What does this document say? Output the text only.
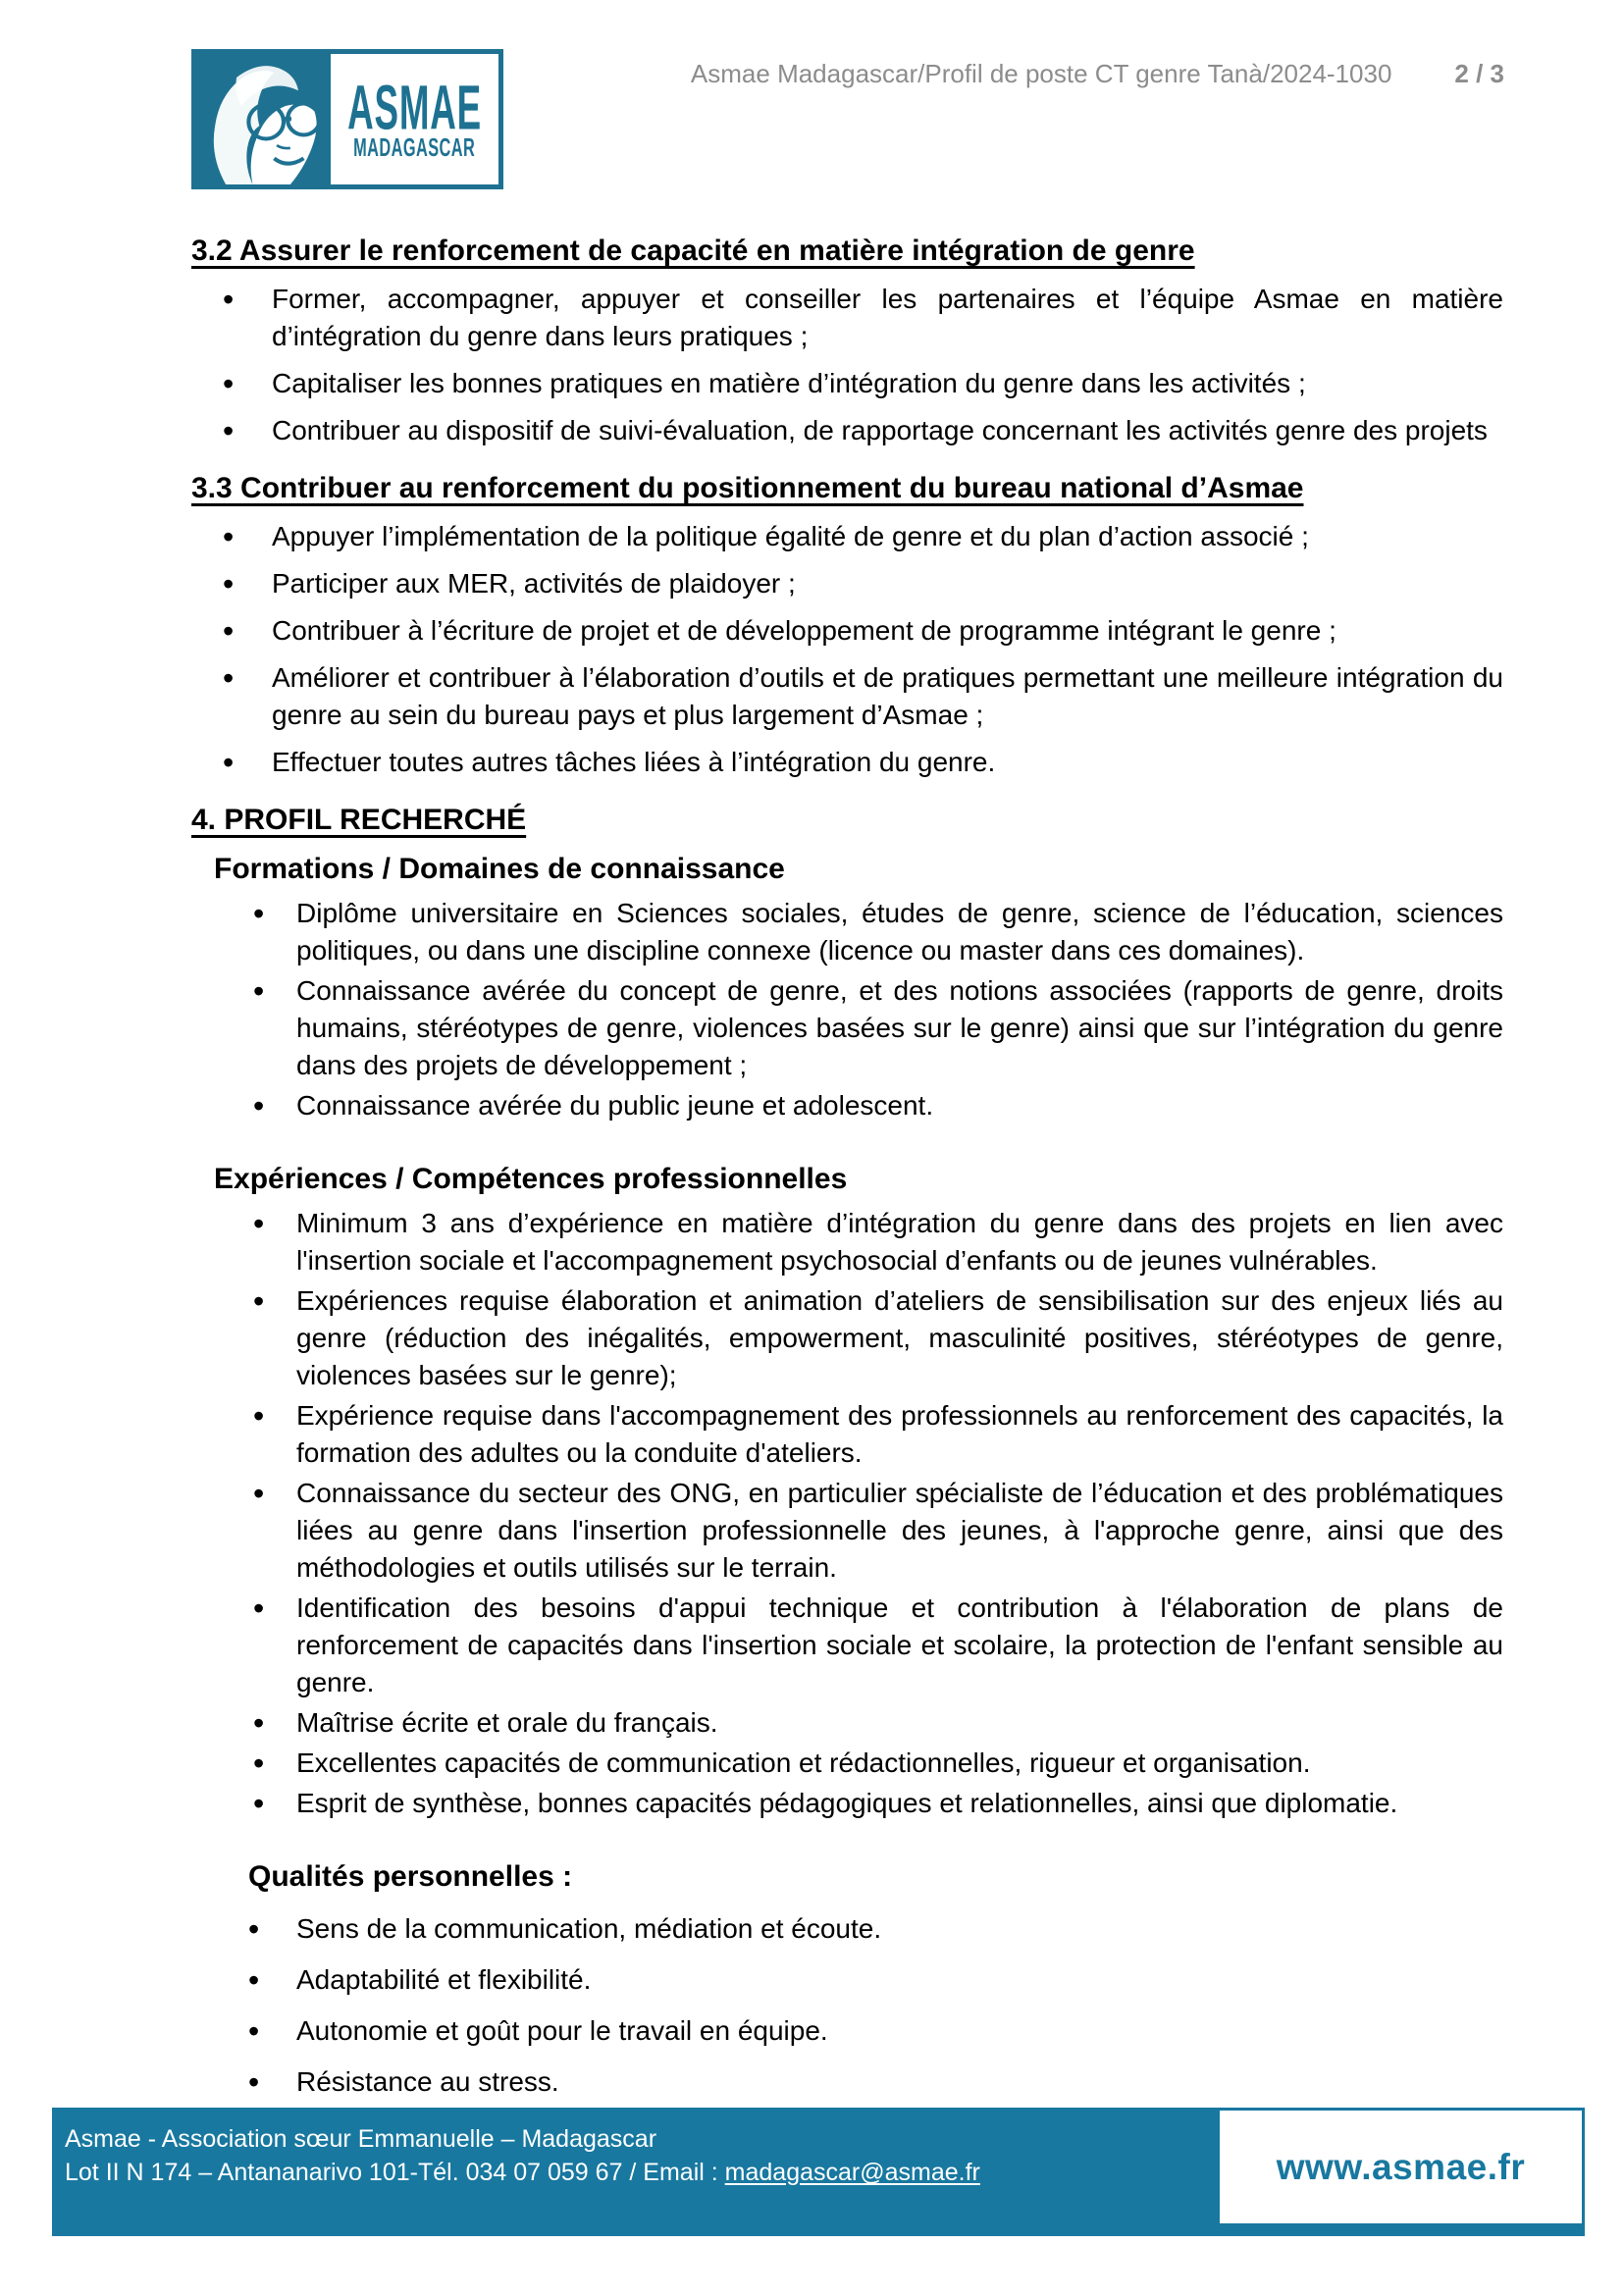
ASMAE
MADAGASCAR
Asmae Madagascar/Profil de poste CT genre Tanà/2024-1030 2 / 3
3.2 Assurer le renforcement de capacité en matière intégration de genre
• Former, accompagner, appuyer et conseiller les partenaires et l’équipe Asmae en matière d’intégration du genre dans leurs pratiques ;
• Capitaliser les bonnes pratiques en matière d’intégration du genre dans les activités ;
• Contribuer au dispositif de suivi-évaluation, de rapportage concernant les activités genre des projets
3.3 Contribuer au renforcement du positionnement du bureau national d’Asmae
• Appuyer l’implémentation de la politique égalité de genre et du plan d’action associé ;
• Participer aux MER, activités de plaidoyer ;
• Contribuer à l’écriture de projet et de développement de programme intégrant le genre ;
• Améliorer et contribuer à l’élaboration d’outils et de pratiques permettant une meilleure intégration du genre au sein du bureau pays et plus largement d’Asmae ;
• Effectuer toutes autres tâches liées à l’intégration du genre.
4. PROFIL RECHERCHÉ
Formations / Domaines de connaissance
• Diplôme universitaire en Sciences sociales, études de genre, science de l’éducation, sciences politiques, ou dans une discipline connexe (licence ou master dans ces domaines).
• Connaissance avérée du concept de genre, et des notions associées (rapports de genre, droits humains, stéréotypes de genre, violences basées sur le genre) ainsi que sur l’intégration du genre dans des projets de développement ;
• Connaissance avérée du public jeune et adolescent.
Expériences / Compétences professionnelles
• Minimum 3 ans d’expérience en matière d’intégration du genre dans des projets en lien avec l'insertion sociale et l'accompagnement psychosocial d’enfants ou de jeunes vulnérables.
• Expériences requise élaboration et animation d’ateliers de sensibilisation sur des enjeux liés au genre (réduction des inégalités, empowerment, masculinité positives, stéréotypes de genre, violences basées sur le genre);
• Expérience requise dans l'accompagnement des professionnels au renforcement des capacités, la formation des adultes ou la conduite d'ateliers.
• Connaissance du secteur des ONG, en particulier spécialiste de l’éducation et des problématiques liées au genre dans l'insertion professionnelle des jeunes, à l'approche genre, ainsi que des méthodologies et outils utilisés sur le terrain.
• Identification des besoins d'appui technique et contribution à l'élaboration de plans de renforcement de capacités dans l'insertion sociale et scolaire, la protection de l'enfant sensible au genre.
• Maîtrise écrite et orale du français.
• Excellentes capacités de communication et rédactionnelles, rigueur et organisation.
• Esprit de synthèse, bonnes capacités pédagogiques et relationnelles, ainsi que diplomatie.
Qualités personnelles :
• Sens de la communication, médiation et écoute.
• Adaptabilité et flexibilité.
• Autonomie et goût pour le travail en équipe.
• Résistance au stress.
Asmae - Association sœur Emmanuelle – Madagascar
Lot II N 174 – Antananarivo 101-Tél. 034 07 059 67 / Email : madagascar@asmae.fr	www.asmae.fr
